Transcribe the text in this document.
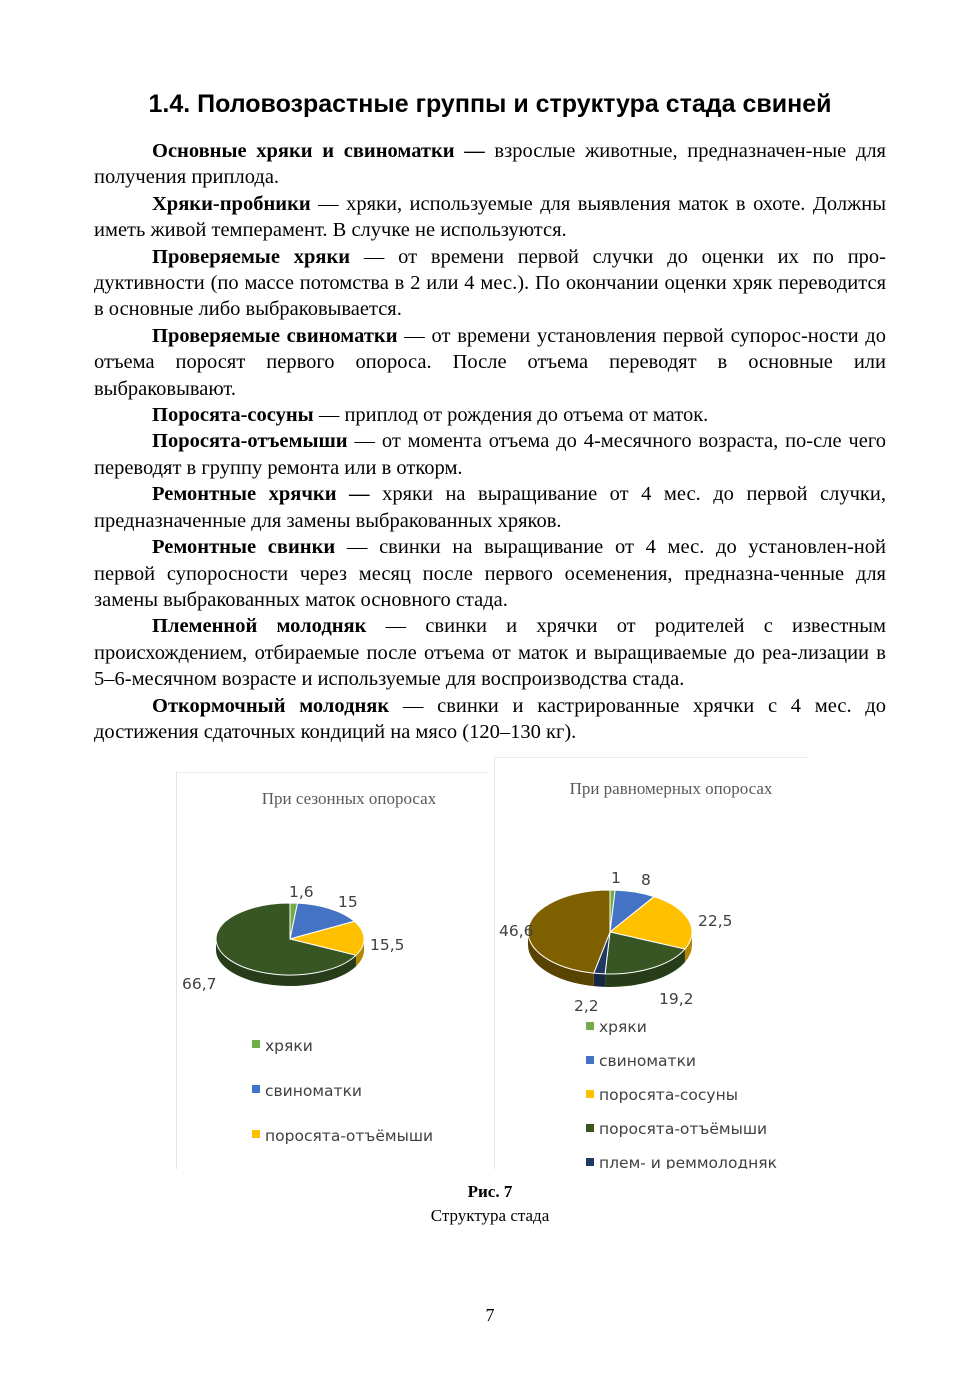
1.4. Половозрастные группы и структура стада свиней

Основные хряки и свиноматки — взрослые животные, предназначен-ные для получения приплода.

Хряки-пробники — хряки, используемые для выявления маток в охоте. Должны иметь живой темперамент. В случке не используются.

Проверяемые хряки — от времени первой случки до оценки их по про-дуктивности (по массе потомства в 2 или 4 мес.). По окончании оценки хряк переводится в основные либо выбраковывается.

Проверяемые свиноматки — от времени установления первой супорос-ности до отъема поросят первого опороса. После отъема переводят в основные или выбраковывают.

Поросята-сосуны — приплод от рождения до отъема от маток.

Поросята-отъемыши — от момента отъема до 4-месячного возраста, по-сле чего переводят в группу ремонта или в откорм.

Ремонтные хрячки — хряки на выращивание от 4 мес. до первой случки, предназначенные для замены выбракованных хряков.

Ремонтные свинки — свинки на выращивание от 4 мес. до установлен-ной первой супоросности через месяц после первого осеменения, предназна-ченные для замены выбракованных маток основного стада.

Племенной молодняк — свинки и хрячки от родителей с известным происхождением, отбираемые после отъема от маток и выращиваемые до реа-лизации в 5–6-месячном возрасте и используемые для воспроизводства стада.

Откормочный молодняк — свинки и кастрированные хрячки с 4 мес. до достижения сдаточных кондиций на мясо (120–130 кг).

При сезонных опоросах
1,6
15
15,5
66,7
хряки
свиноматки
поросята-отъёмыши
При равномерных опоросах
1 8
22,5
19,2
2,2
46,6
хряки
свиноматки
поросята-сосуны
поросята-отъёмыши
плем- и реммолодняк
Рис. 7
Структура стада
7
